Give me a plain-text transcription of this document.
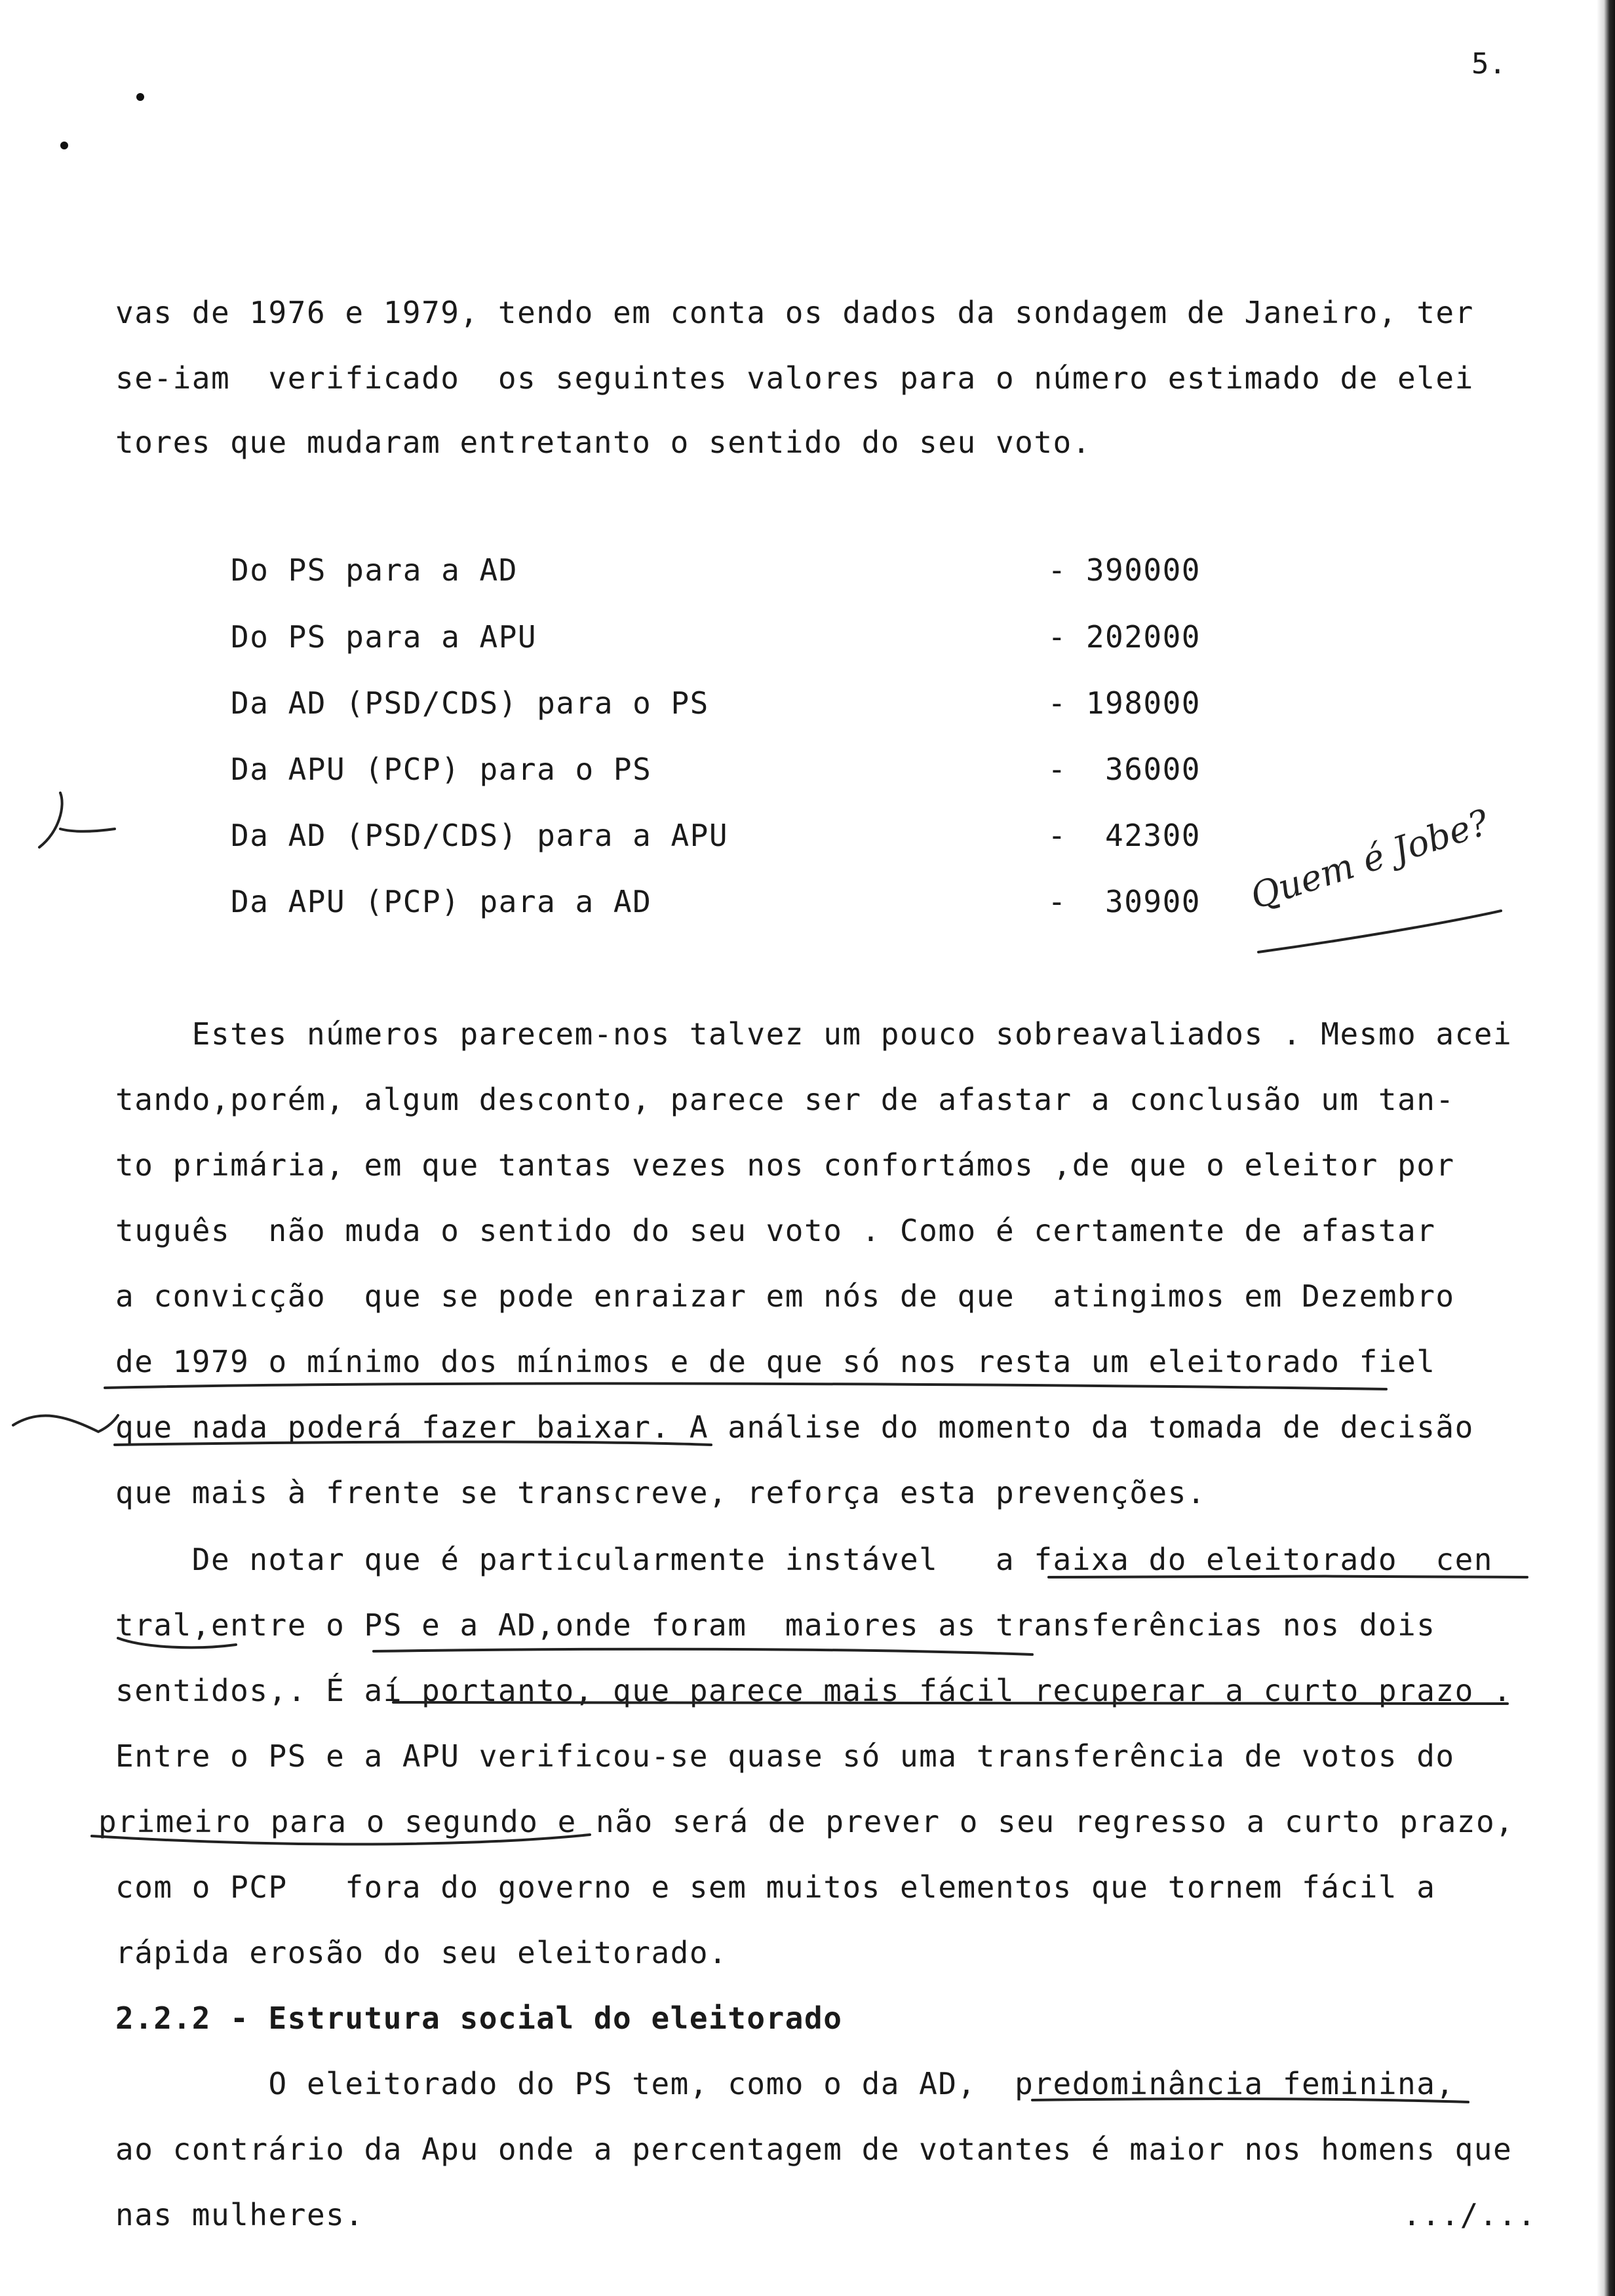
5.
vas de 1976 e 1979, tendo em conta os dados da sondagem de Janeiro, ter
se-iam  verificado  os seguintes valores para o número estimado de elei
tores que mudaram entretanto o sentido do seu voto.
Do PS para a AD	- 390000
Do PS para a APU	- 202000
Da AD (PSD/CDS) para o PS	- 198000
Da APU (PCP) para o PS	-  36000
Da AD (PSD/CDS) para a APU	-  42300
Da APU (PCP) para a AD	-  30900 Quem é Jobe?
Estes números parecem-nos talvez um pouco sobreavaliados . Mesmo acei
tando,porém, algum desconto, parece ser de afastar a conclusão um tan-
to primária, em que tantas vezes nos confortámos ,de que o eleitor por
tuguês  não muda o sentido do seu voto . Como é certamente de afastar
a convicção  que se pode enraizar em nós de que  atingimos em Dezembro
de 1979 o mínimo dos mínimos e de que só nos resta um eleitorado fiel
que nada poderá fazer baixar. A análise do momento da tomada de decisão
que mais à frente se transcreve, reforça esta prevenções.
De notar que é particularmente instável   a faixa do eleitorado  cen
tral,entre o PS e a AD,onde foram  maiores as transferências nos dois
sentidos,. É aí portanto, que parece mais fácil recuperar a curto prazo .
Entre o PS e a APU verificou-se quase só uma transferência de votos do
primeiro para o segundo e não será de prever o seu regresso a curto prazo,
com o PCP   fora do governo e sem muitos elementos que tornem fácil a
rápida erosão do seu eleitorado.
2.2.2 - Estrutura social do eleitorado
O eleitorado do PS tem, como o da AD,  predominância feminina,
ao contrário da Apu onde a percentagem de votantes é maior nos homens que
nas mulheres.	.../...
